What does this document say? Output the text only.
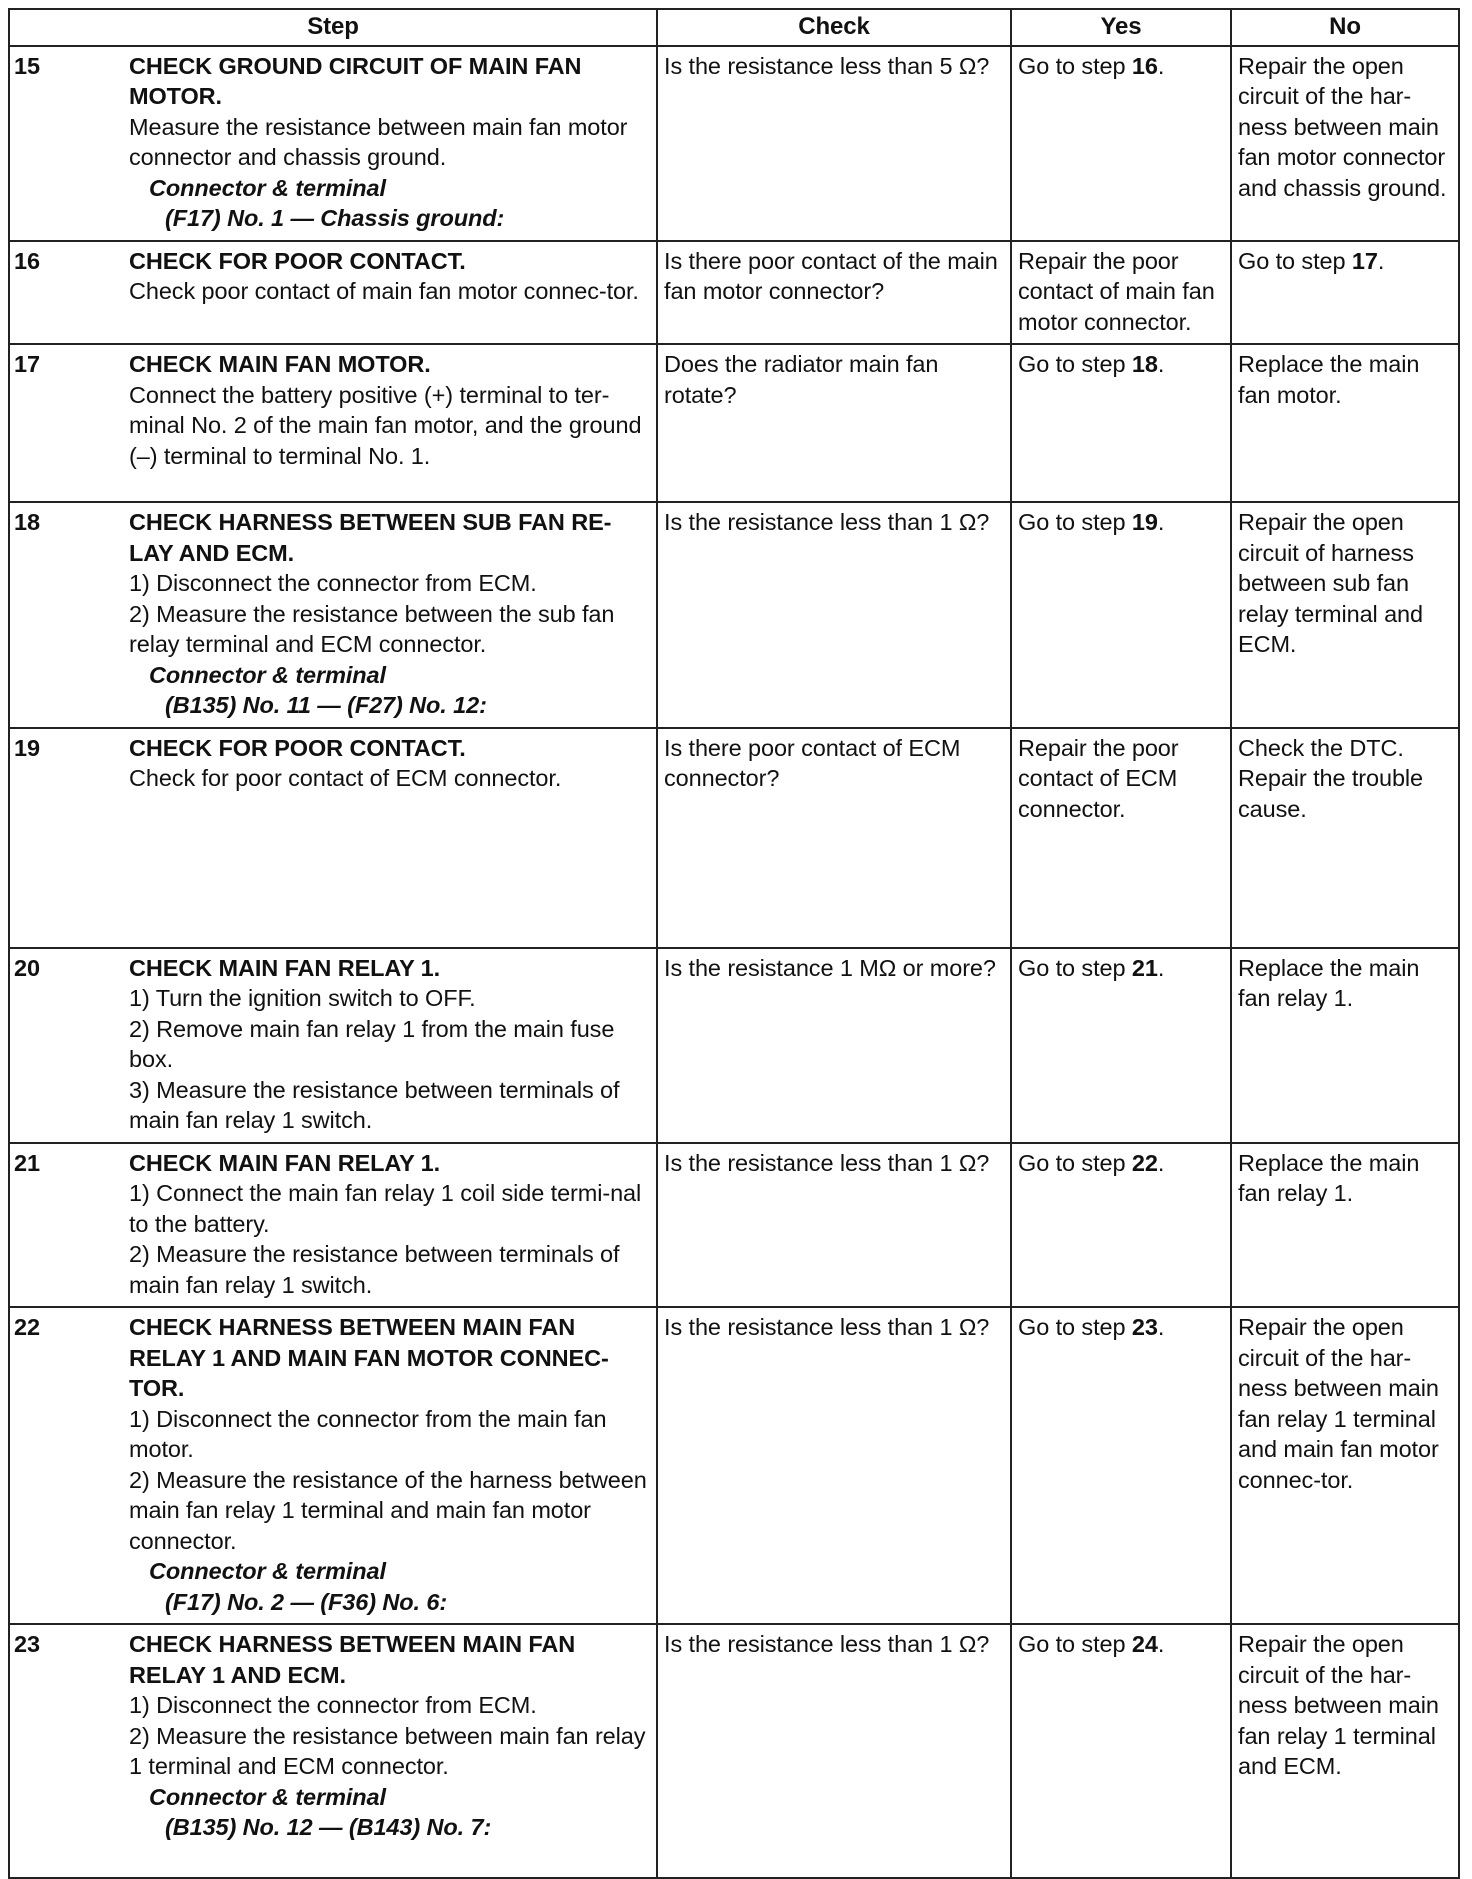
Step		Check	Yes	No
15	CHECK GROUND CIRCUIT OF MAIN FAN MOTOR.
Measure the resistance between main fan motor connector and chassis ground.
Connector & terminal
(F17) No. 1 — Chassis ground:	Is the resistance less than 5 Ω?	Go to step 16.	Repair the open circuit of the har-ness between main fan motor connector and chassis ground.
16	CHECK FOR POOR CONTACT.
Check poor contact of main fan motor connec-tor.	Is there poor contact of the main fan motor connector?	Repair the poor contact of main fan motor connector.	Go to step 17.
17	CHECK MAIN FAN MOTOR.
Connect the battery positive (+) terminal to ter-minal No. 2 of the main fan motor, and the ground (–) terminal to terminal No. 1.	Does the radiator main fan rotate?	Go to step 18.	Replace the main fan motor.
18	CHECK HARNESS BETWEEN SUB FAN RE-LAY AND ECM.
1) Disconnect the connector from ECM.
2) Measure the resistance between the sub fan relay terminal and ECM connector.
Connector & terminal
(B135) No. 11 — (F27) No. 12:	Is the resistance less than 1 Ω?	Go to step 19.	Repair the open circuit of harness between sub fan relay terminal and ECM.
19	CHECK FOR POOR CONTACT.
Check for poor contact of ECM connector.	Is there poor contact of ECM connector?	Repair the poor contact of ECM connector.	Check the DTC. Repair the trouble cause.
20	CHECK MAIN FAN RELAY 1.
1) Turn the ignition switch to OFF.
2) Remove main fan relay 1 from the main fuse box.
3) Measure the resistance between terminals of main fan relay 1 switch.	Is the resistance 1 MΩ or more?	Go to step 21.	Replace the main fan relay 1.
21	CHECK MAIN FAN RELAY 1.
1) Connect the main fan relay 1 coil side termi-nal to the battery.
2) Measure the resistance between terminals of main fan relay 1 switch.	Is the resistance less than 1 Ω?	Go to step 22.	Replace the main fan relay 1.
22	CHECK HARNESS BETWEEN MAIN FAN RELAY 1 AND MAIN FAN MOTOR CONNEC-TOR.
1) Disconnect the connector from the main fan motor.
2) Measure the resistance of the harness between main fan relay 1 terminal and main fan motor connector.
Connector & terminal
(F17) No. 2 — (F36) No. 6:	Is the resistance less than 1 Ω?	Go to step 23.	Repair the open circuit of the har-ness between main fan relay 1 terminal and main fan motor connec-tor.
23	CHECK HARNESS BETWEEN MAIN FAN RELAY 1 AND ECM.
1) Disconnect the connector from ECM.
2) Measure the resistance between main fan relay 1 terminal and ECM connector.
Connector & terminal
(B135) No. 12 — (B143) No. 7:	Is the resistance less than 1 Ω?	Go to step 24.	Repair the open circuit of the har-ness between main fan relay 1 terminal and ECM.
